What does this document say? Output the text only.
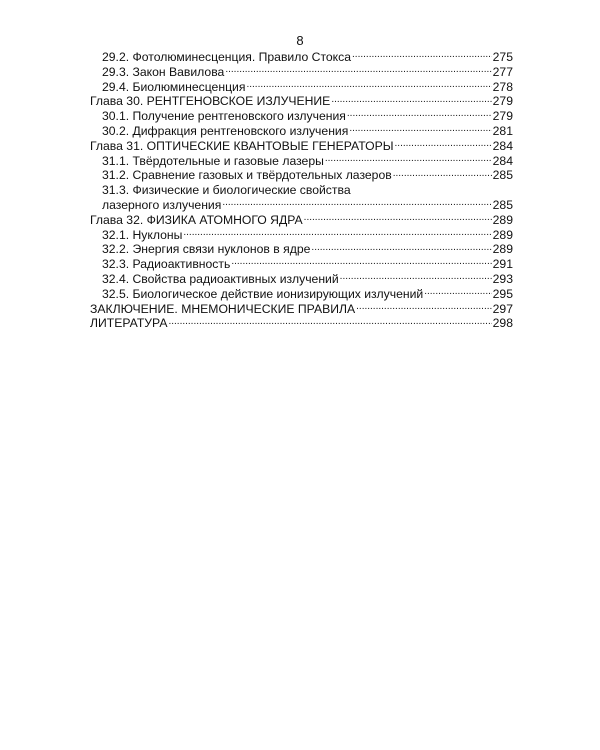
8
29.2. Фотолюминесценция. Правило Стокса .....	275
29.3. Закон Вавилова .....	277
29.4. Биолюминесценция .....	278
Глава 30. РЕНТГЕНОВСКОЕ ИЗЛУЧЕНИЕ .....	279
30.1. Получение рентгеновского излучения .....	279
30.2. Дифракция рентгеновского излучения .....	281
Глава 31. ОПТИЧЕСКИЕ КВАНТОВЫЕ ГЕНЕРАТОРЫ .....	284
31.1. Твёрдотельные и газовые лазеры .....	284
31.2. Сравнение газовых и твёрдотельных лазеров .....	285
31.3. Физические и биологические свойства
лазерного излучения .....	285
Глава 32. ФИЗИКА АТОМНОГО ЯДРА .....	289
32.1. Нуклоны .....	289
32.2. Энергия связи нуклонов в ядре .....	289
32.3. Радиоактивность .....	291
32.4. Свойства радиоактивных излучений .....	293
32.5. Биологическое действие ионизирующих излучений .....	295
ЗАКЛЮЧЕНИЕ. МНЕМОНИЧЕСКИЕ ПРАВИЛА .....	297
ЛИТЕРАТУРА .....	298
